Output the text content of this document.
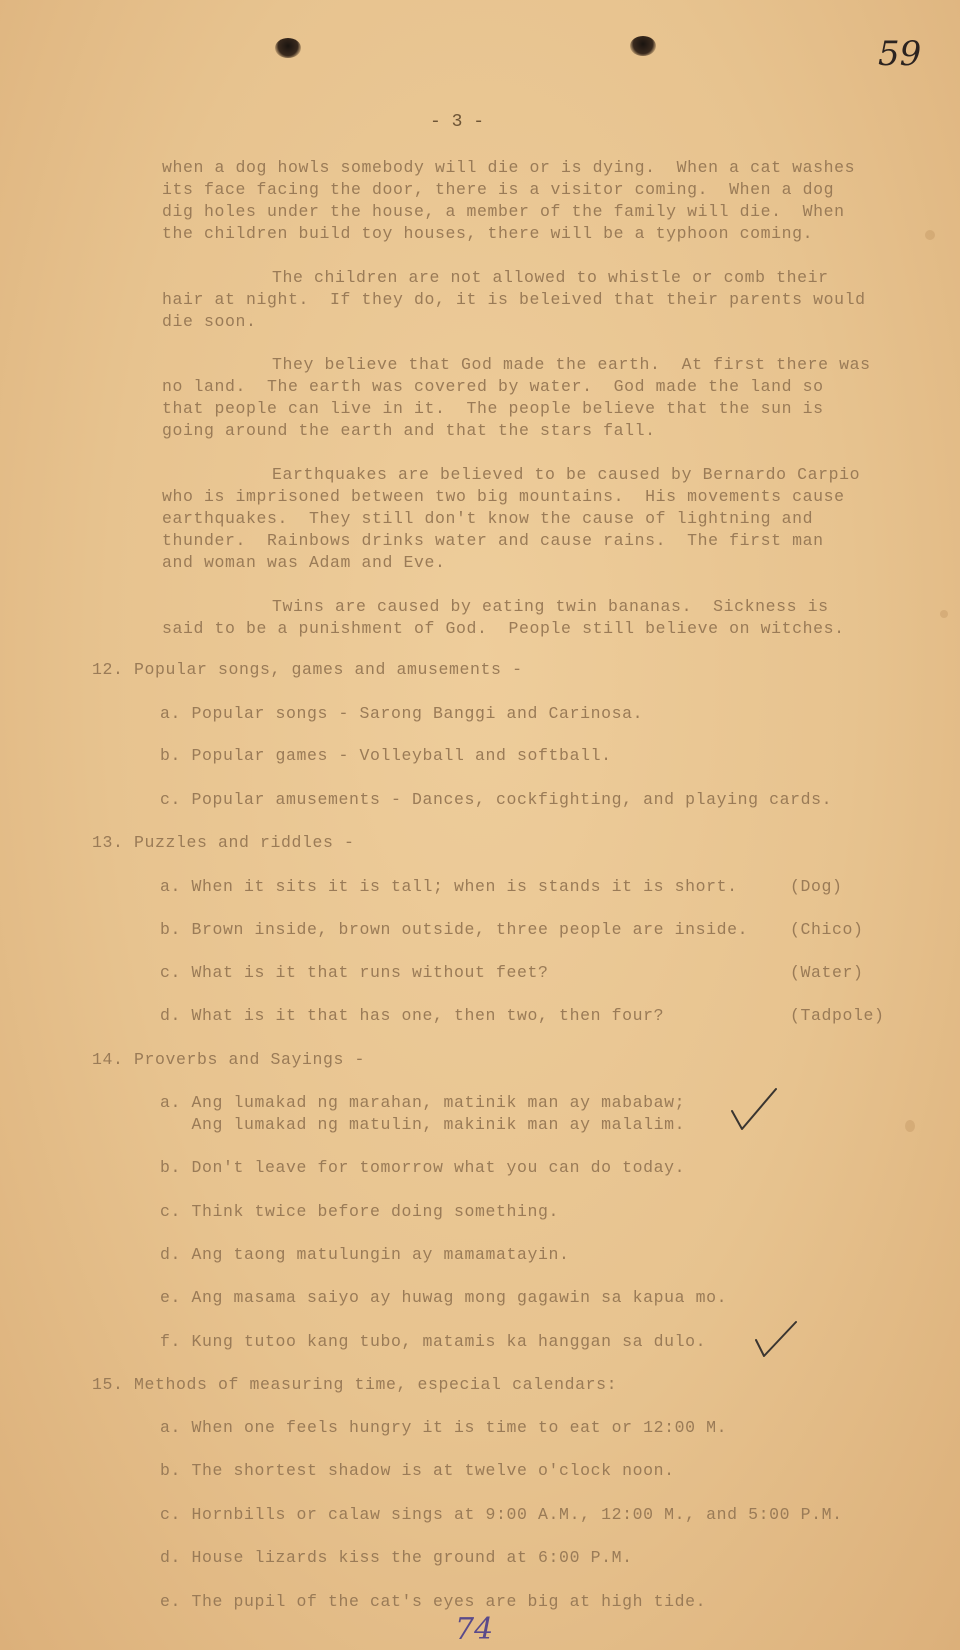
59
- 3 -
when a dog howls somebody will die or is dying.  When a cat washes
its face facing the door, there is a visitor coming.  When a dog
dig holes under the house, a member of the family will die.  When
the children build toy houses, there will be a typhoon coming.
The children are not allowed to whistle or comb their
hair at night.  If they do, it is beleived that their parents would
die soon.
They believe that God made the earth.  At first there was
no land.  The earth was covered by water.  God made the land so
that people can live in it.  The people believe that the sun is
going around the earth and that the stars fall.
Earthquakes are believed to be caused by Bernardo Carpio
who is imprisoned between two big mountains.  His movements cause
earthquakes.  They still don't know the cause of lightning and
thunder.  Rainbows drinks water and cause rains.  The first man
and woman was Adam and Eve.
Twins are caused by eating twin bananas.  Sickness is
said to be a punishment of God.  People still believe on witches.
12. Popular songs, games and amusements -
a. Popular songs - Sarong Banggi and Carinosa.
b. Popular games - Volleyball and softball.
c. Popular amusements - Dances, cockfighting, and playing cards.
13. Puzzles and riddles -
a. When it sits it is tall; when is stands it is short.	(Dog)
b. Brown inside, brown outside, three people are inside.	(Chico)
c. What is it that runs without feet?	(Water)
d. What is it that has one, then two, then four?	(Tadpole)
14. Proverbs and Sayings -
a. Ang lumakad ng marahan, matinik man ay mababaw;
Ang lumakad ng matulin, makinik man ay malalim.
b. Don't leave for tomorrow what you can do today.
c. Think twice before doing something.
d. Ang taong matulungin ay mamamatayin.
e. Ang masama saiyo ay huwag mong gagawin sa kapua mo.
f. Kung tutoo kang tubo, matamis ka hanggan sa dulo.
15. Methods of measuring time, especial calendars:
a. When one feels hungry it is time to eat or 12:00 M.
b. The shortest shadow is at twelve o'clock noon.
c. Hornbills or calaw sings at 9:00 A.M., 12:00 M., and 5:00 P.M.
d. House lizards kiss the ground at 6:00 P.M.
e. The pupil of the cat's eyes are big at high tide.
74
